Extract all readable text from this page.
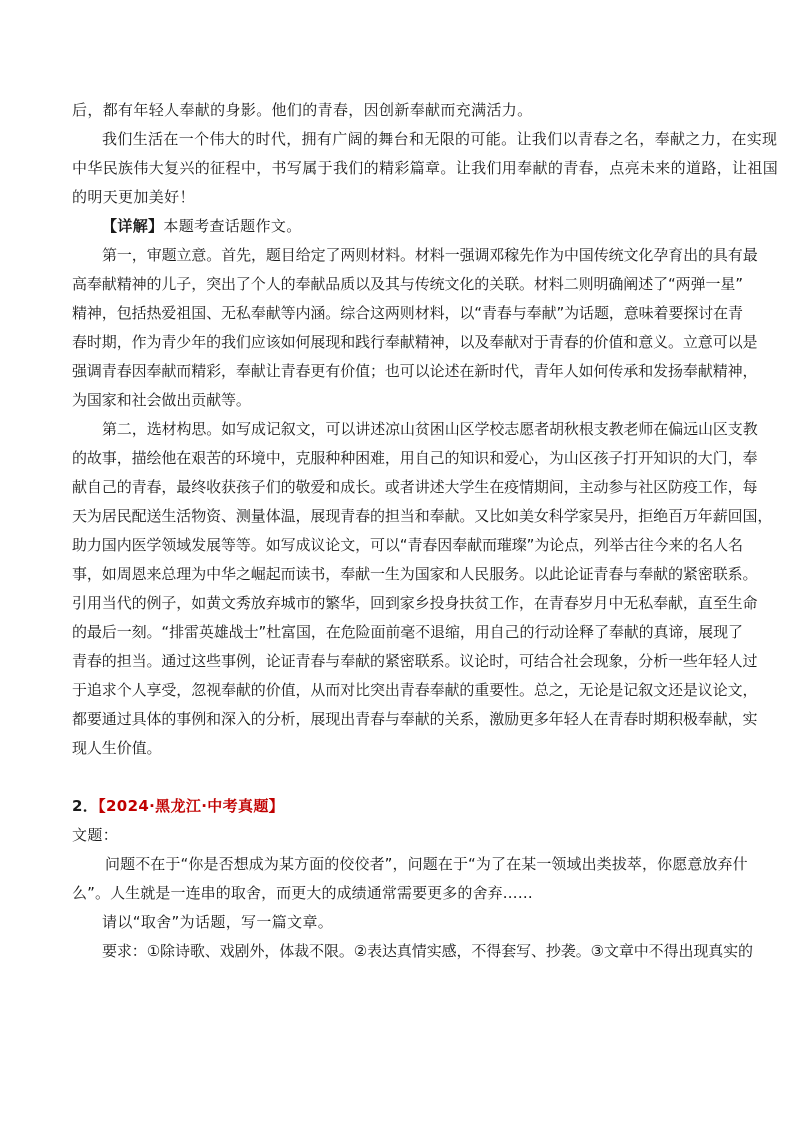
后，都有年轻人奉献的身影。他们的青春，因创新奉献而充满活力。
我们生活在一个伟大的时代，拥有广阔的舞台和无限的可能。让我们以青春之名，奉献之力，在实现
中华民族伟大复兴的征程中，书写属于我们的精彩篇章。让我们用奉献的青春，点亮未来的道路，让祖国
的明天更加美好！
【详解】本题考查话题作文。
第一，审题立意。首先，题目给定了两则材料。材料一强调邓稼先作为中国传统文化孕育出的具有最
高奉献精神的儿子，突出了个人的奉献品质以及其与传统文化的关联。材料二则明确阐述了“两弹一星”
精神，包括热爱祖国、无私奉献等内涵。综合这两则材料，以“青春与奉献”为话题，意味着要探讨在青
春时期，作为青少年的我们应该如何展现和践行奉献精神，以及奉献对于青春的价值和意义。立意可以是
强调青春因奉献而精彩，奉献让青春更有价值；也可以论述在新时代，青年人如何传承和发扬奉献精神，
为国家和社会做出贡献等。
第二，选材构思。如写成记叙文，可以讲述凉山贫困山区学校志愿者胡秋根支教老师在偏远山区支教
的故事，描绘他在艰苦的环境中，克服种种困难，用自己的知识和爱心，为山区孩子打开知识的大门，奉
献自己的青春，最终收获孩子们的敬爱和成长。或者讲述大学生在疫情期间，主动参与社区防疫工作，每
天为居民配送生活物资、测量体温，展现青春的担当和奉献。又比如美女科学家吴丹，拒绝百万年薪回国，
助力国内医学领域发展等等。如写成议论文，可以“青春因奉献而璀璨”为论点，列举古往今来的名人名
事，如周恩来总理为中华之崛起而读书，奉献一生为国家和人民服务。以此论证青春与奉献的紧密联系。
引用当代的例子，如黄文秀放弃城市的繁华，回到家乡投身扶贫工作，在青春岁月中无私奉献，直至生命
的最后一刻。“排雷英雄战士”杜富国，在危险面前毫不退缩，用自己的行动诠释了奉献的真谛，展现了
青春的担当。通过这些事例，论证青春与奉献的紧密联系。议论时，可结合社会现象，分析一些年轻人过
于追求个人享受，忽视奉献的价值，从而对比突出青春奉献的重要性。总之，无论是记叙文还是议论文，
都要通过具体的事例和深入的分析，展现出青春与奉献的关系，激励更多年轻人在青春时期积极奉献，实
现人生价值。
2．【2024·黑龙江·中考真题】
文题：
问题不在于“你是否想成为某方面的佼佼者”，问题在于“为了在某一领域出类拔萃，你愿意放弃什
么”。人生就是一连串的取舍，而更大的成绩通常需要更多的舍弃……
请以“取舍”为话题，写一篇文章。
要求：①除诗歌、戏剧外，体裁不限。②表达真情实感，不得套写、抄袭。③文章中不得出现真实的
